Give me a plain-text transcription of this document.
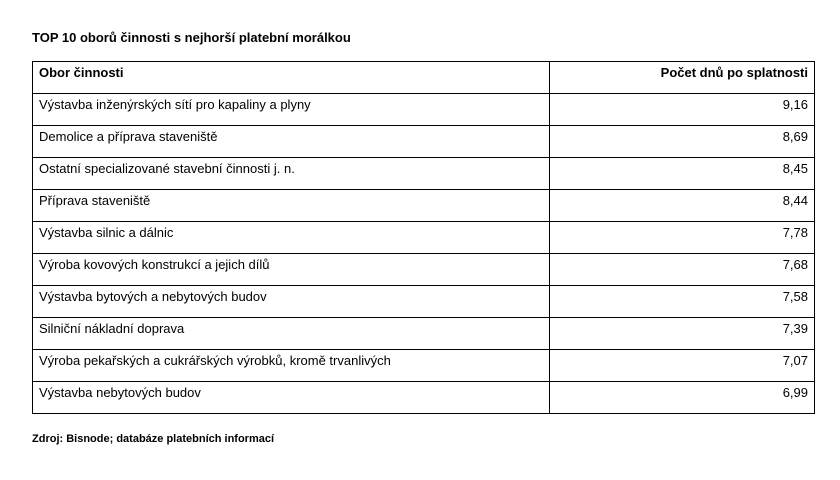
TOP 10 oborů činnosti s nejhorší platební morálkou
Obor činnosti	Počet dnů po splatnosti
Výstavba inženýrských sítí pro kapaliny a plyny	9,16
Demolice a příprava staveniště	8,69
Ostatní specializované stavební činnosti j. n.	8,45
Příprava staveniště	8,44
Výstavba silnic a dálnic	7,78
Výroba kovových konstrukcí a jejich dílů	7,68
Výstavba bytových a nebytových budov	7,58
Silniční nákladní doprava	7,39
Výroba pekařských a cukrářských výrobků, kromě trvanlivých	7,07
Výstavba nebytových budov	6,99
Zdroj: Bisnode; databáze platebních informací
